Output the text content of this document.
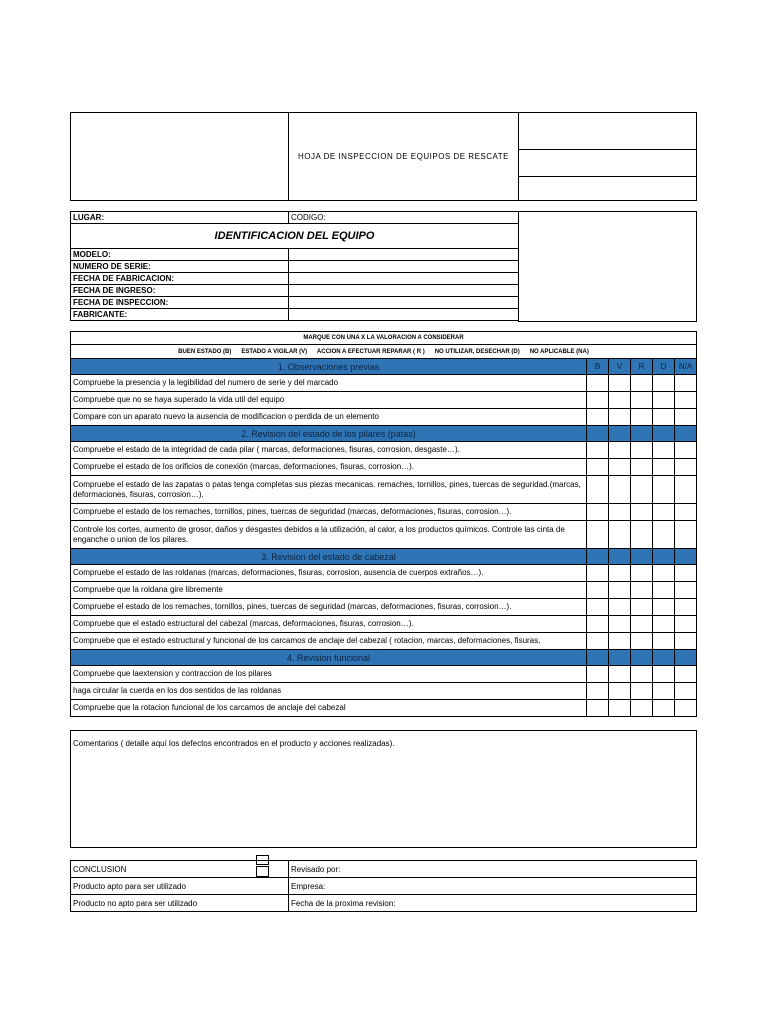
HOJA DE INSPECCION DE EQUIPOS DE RESCATE
LUGAR:	CODIGO:
IDENTIFICACION DEL EQUIPO	
MODELO:	
NUMERO DE SERIE:	
FECHA DE FABRICACION:	
FECHA DE INGRESO:	
FECHA DE INSPECCION:	
FABRICANTE:	
MARQUE CON UNA X LA VALORACION A CONSIDERAR					
BUEN ESTADO (B)      ESTADO A VIGILAR (V)      ACCION A EFECTUAR REPARAR ( R )      NO UTILIZAR, DESECHAR (D)      NO APLICABLE (NA)					
1. Observaciones previas	B	V	R	D	N/A
Compruebe la presencia y la legibilidad del numero de serie y del marcado					
Compruebe que no se haya superado la vida util del equipo					
Compare con un aparato nuevo la ausencia de modificacion o perdida de un elemento					
2. Revision del estado de los pilares (patas)					
Compruebe el estado de la integridad de cada pilar ( marcas, deformaciones, fisuras, corrosion, desgaste…).					
Compruebe el estado de los orificios de conexión (marcas, deformaciones, fisuras, corrosion…).					
Compruebe el estado de las zapatas o patas tenga completas sus piezas mecanicas. remaches, tornillos, pines, tuercas de seguridad.(marcas, deformaciones, fisuras, corrosion…).					
Compruebe el estado de los remaches, tornillos, pines, tuercas de seguridad (marcas, deformaciones, fisuras, corrosion…).					
Controle los cortes, aumento de grosor, daños y desgastes debidos a la utilización, al calor, a los productos químicos. Controle las cinta de enganche o union de los pilares.					
3. Revision del estado de cabezal					
Compruebe el estado de las roldanas (marcas, deformaciones, fisuras, corrosion, ausencia de cuerpos extraños…).					
Compruebe que la roldana gire libremente					
Compruebe el estado de los remaches, tornillos, pines, tuercas de seguridad (marcas, deformaciones, fisuras, corrosion…).					
Compruebe que el estado estructural del cabezal (marcas, deformaciones, fisuras, corrosion…).					
Compruebe que el estado estructural y funcional de los carcamos de anclaje del cabezal ( rotacion, marcas, deformaciones, fisuras,					
4. Revision funcional					
Compruebe que laextension y contraccion de los pilares					
haga circular la cuerda en los dos sentidos de las roldanas					
Compruebe que la rotacion funcional de los carcamos de anclaje del cabezal					
Comentarios ( detalle aquí los defectos encontrados en el producto y acciones realizadas).
CONCLUSION	Revisado por:
Producto apto para ser utilizado	Empresa:
Producto no apto para ser utilizado	Fecha de la proxima revision:
